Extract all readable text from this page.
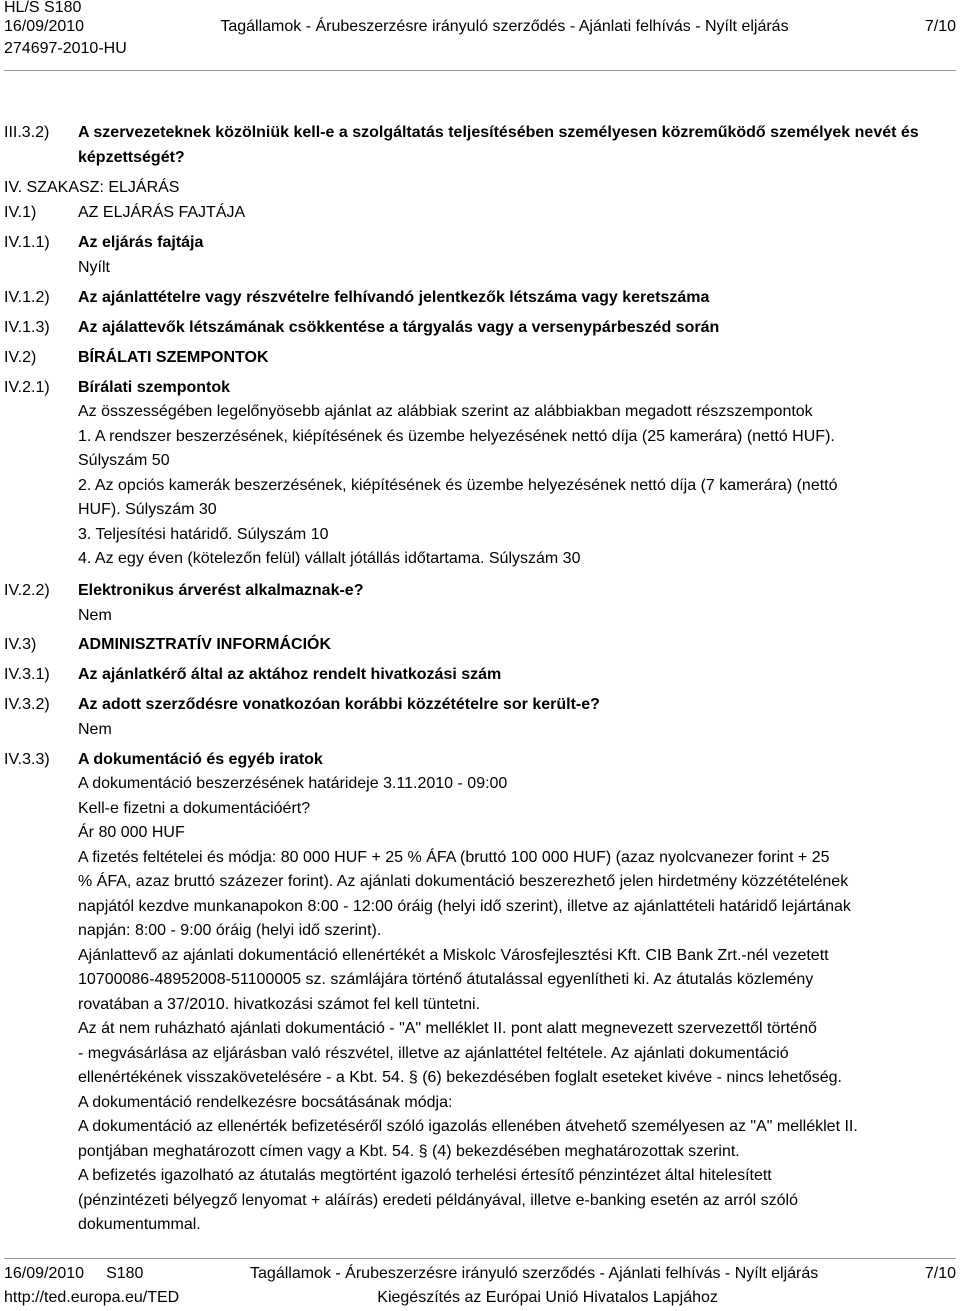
HL/S S180
16/09/2010	Tagállamok - Árubeszerzésre irányuló szerződés - Ajánlati felhívás - Nyílt eljárás	7/10
274697-2010-HU
III.3.2) A szervezeteknek közölniük kell-e a szolgáltatás teljesítésében személyesen közreműködő személyek nevét és képzettségét?
IV. SZAKASZ: ELJÁRÁS
IV.1)	AZ ELJÁRÁS FAJTÁJA
IV.1.1) Az eljárás fajtája
Nyílt
IV.1.2) Az ajánlattételre vagy részvételre felhívandó jelentkezők létszáma vagy keretszáma
IV.1.3) Az ajálattevők létszámának csökkentése a tárgyalás vagy a versenypárbeszéd során
IV.2)	BÍRÁLATI SZEMPONTOK
IV.2.1) Bírálati szempontok
Az összességében legelőnyösebb ajánlat az alábbiak szerint az alábbiakban megadott részszempontok
1. A rendszer beszerzésének, kiépítésének és üzembe helyezésének nettó díja (25 kamerára) (nettó HUF).
Súlyszám 50
2. Az opciós kamerák beszerzésének, kiépítésének és üzembe helyezésének nettó díja (7 kamerára) (nettó
HUF). Súlyszám 30
3. Teljesítési határidő. Súlyszám 10
4. Az egy éven (kötelezőn felül) vállalt jótállás időtartama. Súlyszám 30
IV.2.2) Elektronikus árverést alkalmaznak-e?
Nem
IV.3)	ADMINISZTRATÍV INFORMÁCIÓK
IV.3.1) Az ajánlatkérő által az aktához rendelt hivatkozási szám
IV.3.2) Az adott szerződésre vonatkozóan korábbi közzétételre sor került-e?
Nem
IV.3.3) A dokumentáció és egyéb iratok
A dokumentáció beszerzésének határideje 3.11.2010 - 09:00
Kell-e fizetni a dokumentációért?
Ár 80 000 HUF
A fizetés feltételei és módja: 80 000 HUF + 25 % ÁFA (bruttó 100 000 HUF) (azaz nyolcvanezer forint + 25
% ÁFA, azaz bruttó százezer forint). Az ajánlati dokumentáció beszerezhető jelen hirdetmény közzétételének
napjától kezdve munkanapokon 8:00 - 12:00 óráig (helyi idő szerint), illetve az ajánlattételi határidő lejártának
napján: 8:00 - 9:00 óráig (helyi idő szerint).
Ajánlattevő az ajánlati dokumentáció ellenértékét a Miskolc Városfejlesztési Kft. CIB Bank Zrt.-nél vezetett
10700086-48952008-51100005 sz. számlájára történő átutalással egyenlítheti ki. Az átutalás közlemény
rovatában a 37/2010. hivatkozási számot fel kell tüntetni.
Az át nem ruházható ajánlati dokumentáció - "A" melléklet II. pont alatt megnevezett szervezettől történő
- megvásárlása az eljárásban való részvétel, illetve az ajánlattétel feltétele. Az ajánlati dokumentáció
ellenértékének visszakövetelésére - a Kbt. 54. § (6) bekezdésében foglalt eseteket kivéve - nincs lehetőség.
A dokumentáció rendelkezésre bocsátásának módja:
A dokumentáció az ellenérték befizetéséről szóló igazolás ellenében átvehető személyesen az "A" melléklet II.
pontjában meghatározott címen vagy a Kbt. 54. § (4) bekezdésében meghatározottak szerint.
A befizetés igazolható az átutalás megtörtént igazoló terhelési értesítő pénzintézet által hitelesített
(pénzintézeti bélyegző lenyomat + aláírás) eredeti példányával, illetve e-banking esetén az arról szóló
dokumentummal.
16/09/2010 S180	Tagállamok - Árubeszerzésre irányuló szerződés - Ajánlati felhívás - Nyílt eljárás	7/10
http://ted.europa.eu/TED	Kiegészítés az Európai Unió Hivatalos Lapjához
